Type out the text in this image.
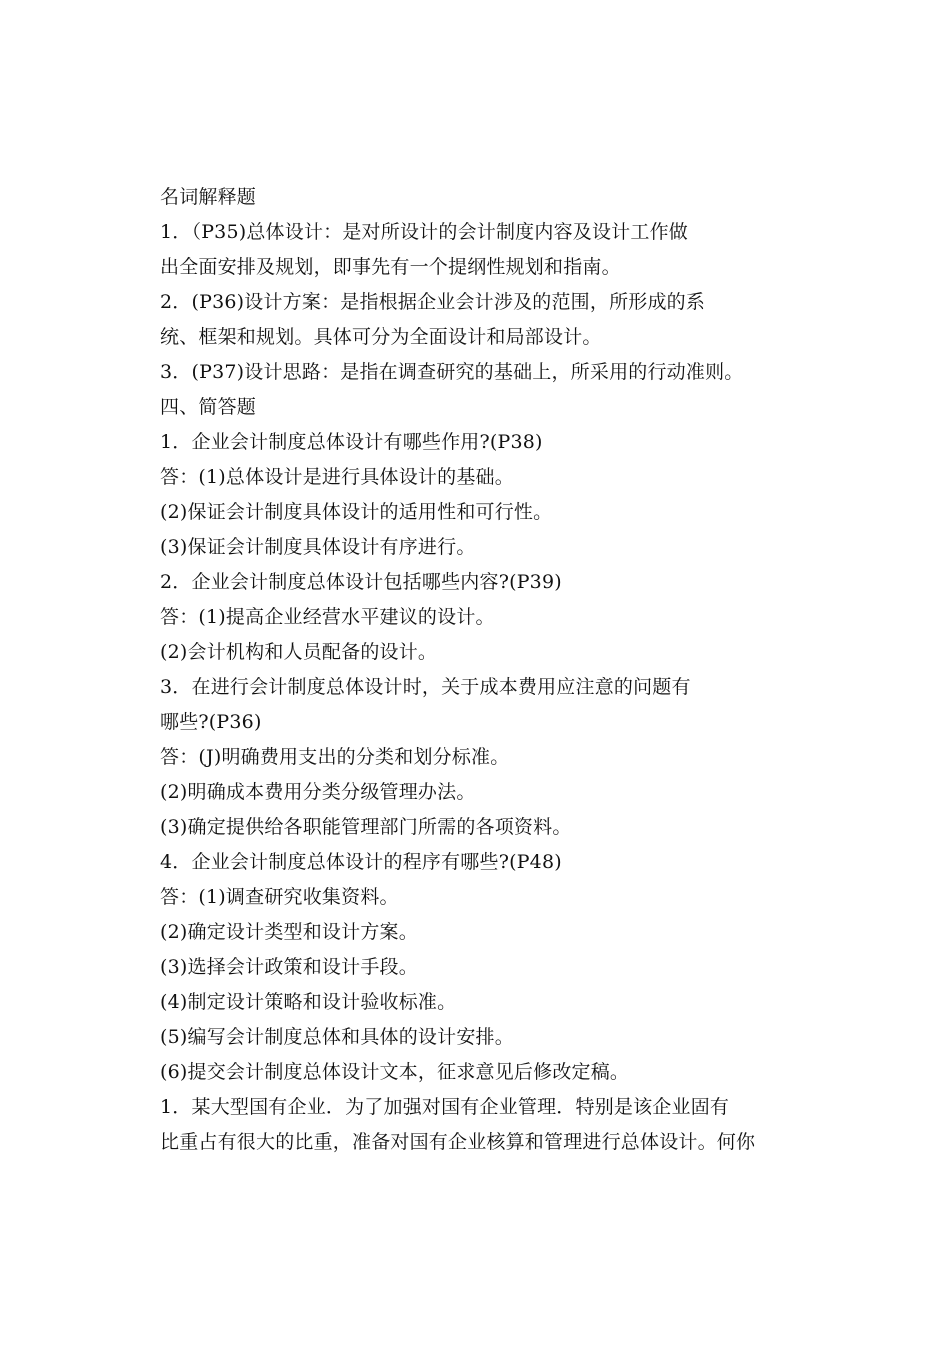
名词解释题
1．（P35)总体设计：是对所设计的会计制度内容及设计工作做
出全面安排及规划，即事先有一个提纲性规划和指南。
2．(P36)设计方案：是指根据企业会计涉及的范围，所形成的系
统、框架和规划。具体可分为全面设计和局部设计。
3．(P37)设计思路：是指在调查研究的基础上，所采用的行动准则。
四、简答题
1．企业会计制度总体设计有哪些作用?(P38)
答：(1)总体设计是进行具体设计的基础。
(2)保证会计制度具体设计的适用性和可行性。
(3)保证会计制度具体设计有序进行。
2．企业会计制度总体设计包括哪些内容?(P39)
答：(1)提高企业经营水平建议的设计。
(2)会计机构和人员配备的设计。
3．在进行会计制度总体设计时，关于成本费用应注意的问题有
哪些?(P36)
答：(J)明确费用支出的分类和划分标准。
(2)明确成本费用分类分级管理办法。
(3)确定提供给各职能管理部门所需的各项资料。
4．企业会计制度总体设计的程序有哪些?(P48)
答：(1)调查研究收集资料。
(2)确定设计类型和设计方案。
(3)选择会计政策和设计手段。
(4)制定设计策略和设计验收标准。
(5)编写会计制度总体和具体的设计安排。
(6)提交会计制度总体设计文本，征求意见后修改定稿。
1．某大型国有企业．为了加强对国有企业管理．特别是该企业固有
比重占有很大的比重，准备对国有企业核算和管理进行总体设计。何你
